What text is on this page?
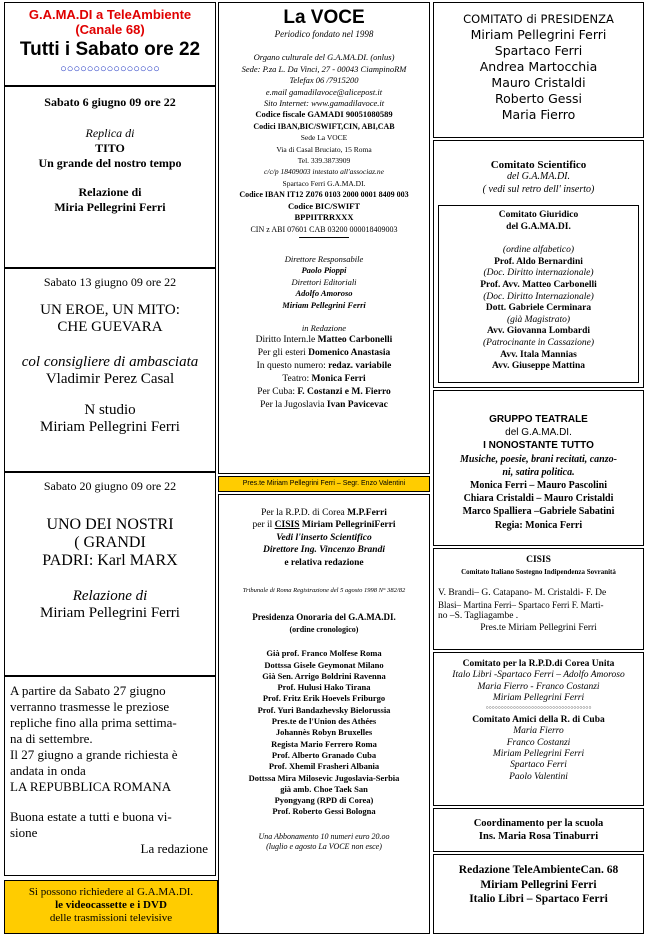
G.A.MA.DI a TeleAmbiente
(Canale 68)
Tutti i Sabato ore 22
○○○○○○○○○○○○○○○
Sabato 6 giugno 09 ore 22
Replica di
TITO
Un grande del nostro tempo
Relazione di
Miria Pellegrini Ferri
Sabato 13 giugno 09 ore 22
UN EROE, UN MITO:
CHE GUEVARA
col consigliere di ambasciata
Vladimir Perez Casal
N studio
Miriam Pellegrini Ferri
Sabato 20 giugno 09 ore 22
UNO DEI NOSTRI
( GRANDI
PADRI: Karl MARX
Relazione di
Miriam Pellegrini Ferri
A partire da Sabato 27 giugno
verranno trasmesse le preziose
repliche fino alla prima settima-
na di settembre.
Il 27 giugno a grande richiesta è
andata in onda
LA REPUBBLICA ROMANA
Buona estate a tutti e buona vi-
sione
La redazione
Si possono richiedere al G.A.MA.DI.
le videocassette e i DVD
delle trasmissioni televisive
La VOCE
Periodico fondato nel 1998
Organo culturale del G.A.MA.DI. (onlus)
Sede: P.za L. Da Vinci, 27 - 00043 CiampinoRM
Telefax 06 /7915200
e.mail gamadilavoce@alicepost.it
Sito Internet: www.gamadilavoce.it
Codice fiscale GAMADI 90051080589
Codici IBAN,BIC/SWIFT,CIN, ABI,CAB
Sede La VOCE
Via di Casal Bruciato, 15 Roma
Tel. 339.3873909
c/c/p 18409003 intestato all'associaz.ne
Spartaco Ferri G.A.MA.DI.
Codice IBAN IT12 Z076 0103 2000 0001 8409 003
Codice BIC/SWIFT
BPPIITRRXXX
CIN z ABI 07601 CAB 03200 000018409003
Direttore Responsabile
Paolo Pioppi
Direttori Editoriali
Adolfo Amoroso
Miriam Pellegrini Ferri
in Redazione
Diritto Intern.le Matteo Carbonelli
Per gli esteri Domenico Anastasia
In questo numero: redaz. variabile
Teatro: Monica Ferri
Per Cuba: F. Costanzi e M. Fierro
Per la Jugoslavia Ivan Pavicevac
Pres.te Miriam Pellegrini Ferri – Segr. Enzo Valentini
Per la R.P.D. di Corea M.P.Ferri
per il CISIS Miriam PellegriniFerri
Vedi l'inserto Scientifico
Direttore Ing. Vincenzo Brandi
e relativa redazione
Tribunale di Roma Registrazione del 5 agosto 1998 N° 382/82
Presidenza Onoraria del G.A.MA.DI.
(ordine cronologico)
Già prof. Franco Molfese Roma
Dottssa Gisele Geymonat Milano
Già Sen. Arrigo Boldrini Ravenna
Prof. Hulusi Hako Tirana
Prof. Fritz Erik Hoevels Friburgo
Prof. Yuri Bandazhevsky Bielorussia
Pres.te de l'Union des Athées
Johannès Robyn Bruxelles
Regista Mario Ferrero Roma
Prof. Alberto Granado Cuba
Prof. Xhemil Frasheri Albania
Dottssa Mira Milosevic Jugoslavia-Serbia
già amb. Choe Taek San
Pyongyang (RPD di Corea)
Prof. Roberto Gessi Bologna
Una Abbonamento 10 numeri euro 20.oo
(luglio e agosto La VOCE non esce)
COMITATO di PRESIDENZA
Miriam Pellegrini Ferri
Spartaco Ferri
Andrea Martocchia
Mauro Cristaldi
Roberto Gessi
Maria Fierro
Comitato Scientifico
del G.A.MA.DI.
( vedi sul retro dell' inserto)
Comitato Giuridico
del G.A.MA.DI.
(ordine alfabetico)
Prof. Aldo Bernardini
(Doc. Diritto internazionale)
Prof. Avv. Matteo Carbonelli
(Doc. Diritto Internazionale)
Dott. Gabriele Cerminara
(già Magistrato)
Avv. Giovanna Lombardi
(Patrocinante in Cassazione)
Avv. Itala Mannias
Avv. Giuseppe Mattina
GRUPPO TEATRALE
del G.A.MA.DI.
I NONOSTANTE TUTTO
Musiche, poesie, brani recitati, canzo-
ni, satira politica.
Monica Ferri – Mauro Pascolini
Chiara Cristaldi – Mauro Cristaldi
Marco Spalliera –Gabriele Sabatini
Regia: Monica Ferri
CISIS
Comitato Italiano Sostegno Indipendenza Sovranità
V. Brandi– G. Catapano- M. Cristaldi- F. De
Blasi– Martina Ferri– Spartaco Ferri F. Marti-
no –S. Tagliagambe .
Pres.te Miriam Pellegrini Ferri
Comitato per la R.P.D.di Corea Unita
Italo Libri -Spartaco Ferri – Adolfo Amoroso
Maria Fierro - Franco Costanzi
Miriam Pellegrini Ferri
○○○○○○○○○○○○○○○○○○○○○○○○○○○○○○○○○○○
Comitato Amici della R. di Cuba
Maria Fierro
Franco Costanzi
Miriam Pellegrini Ferri
Spartaco Ferri
Paolo Valentini
Coordinamento per la scuola
Ins. Maria Rosa Tinaburri
Redazione TeleAmbienteCan. 68
Miriam Pellegrini Ferri
Italio Libri – Spartaco Ferri
